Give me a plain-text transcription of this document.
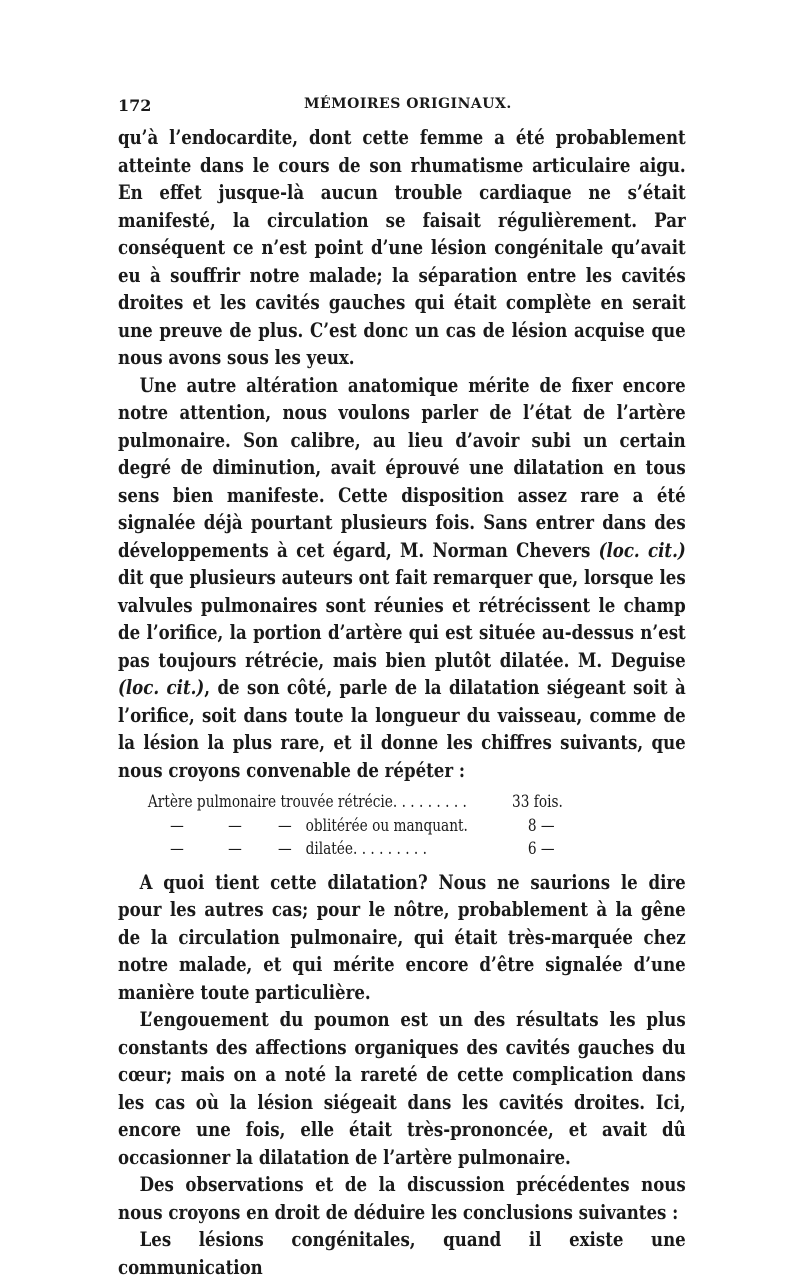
172	MÉMOIRES ORIGINAUX.

qu’à l’endocardite, dont cette femme a été probablement atteinte dans le cours de son rhumatisme articulaire aigu. En effet jusque-là aucun trouble cardiaque ne s’était manifesté, la circulation se faisait régulièrement. Par conséquent ce n’est point d’une lésion congénitale qu’avait eu à souffrir notre malade; la séparation entre les cavités droites et les cavités gauches qui était complète en serait une preuve de plus. C’est donc un cas de lésion acquise que nous avons sous les yeux.

Une autre altération anatomique mérite de fixer encore notre attention, nous voulons parler de l’état de l’artère pulmonaire. Son calibre, au lieu d’avoir subi un certain degré de diminution, avait éprouvé une dilatation en tous sens bien manifeste. Cette disposition assez rare a été signalée déjà pourtant plusieurs fois. Sans entrer dans des développements à cet égard, M. Norman Chevers (loc. cit.) dit que plusieurs auteurs ont fait remarquer que, lorsque les valvules pulmonaires sont réunies et rétrécissent le champ de l’orifice, la portion d’artère qui est située au-dessus n’est pas toujours rétrécie, mais bien plutôt dilatée. M. Deguise (loc. cit.), de son côté, parle de la dilatation siégeant soit à l’orifice, soit dans toute la longueur du vaisseau, comme de la lésion la plus rare, et il donne les chiffres suivants, que nous croyons convenable de répéter :

Artère pulmonaire trouvée rétrécie. . . . . . . . .	33 fois.
—	—	— oblitérée ou manquant.	8 —
—	—	— dilatée. . . . . . . . .	6 —

A quoi tient cette dilatation? Nous ne saurions le dire pour les autres cas; pour le nôtre, probablement à la gêne de la circulation pulmonaire, qui était très-marquée chez notre malade, et qui mérite encore d’être signalée d’une manière toute particulière.

L’engouement du poumon est un des résultats les plus constants des affections organiques des cavités gauches du cœur; mais on a noté la rareté de cette complication dans les cas où la lésion siégeait dans les cavités droites. Ici, encore une fois, elle était très-prononcée, et avait dû occasionner la dilatation de l’artère pulmonaire.

Des observations et de la discussion précédentes nous nous croyons en droit de déduire les conclusions suivantes :

Les lésions congénitales, quand il existe une communication
